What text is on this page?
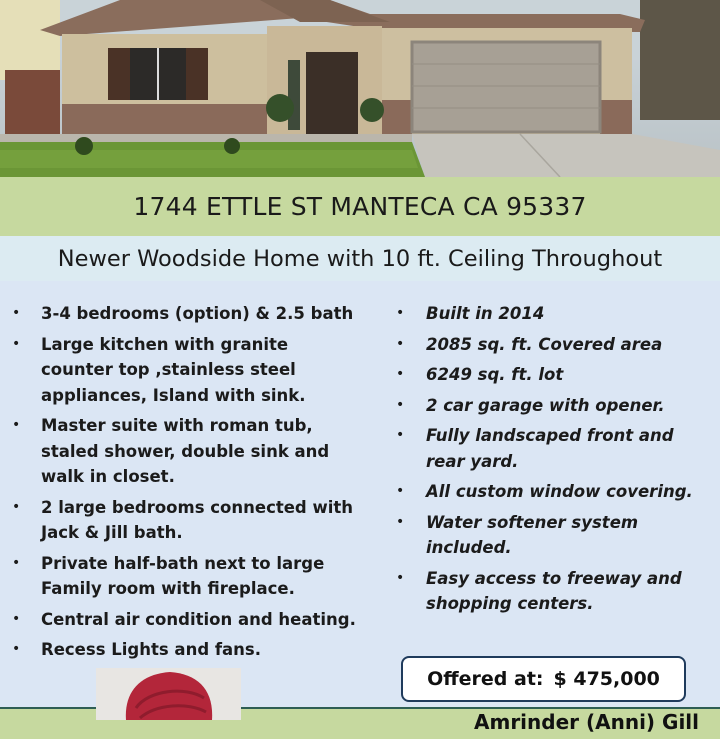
1744 ETTLE ST MANTECA CA 95337
Newer Woodside Home with 10 ft. Ceiling Throughout
• 3-4 bedrooms (option) & 2.5 bath
• Large kitchen with granite counter top ,stainless steel appliances, Island with sink.
• Master suite with roman tub, staled shower, double sink and walk in closet.
• 2 large bedrooms connected with Jack & Jill bath.
• Private half-bath next to large Family room with fireplace.
• Central air condition and heating.
• Recess Lights and fans.
• Built in 2014
• 2085 sq. ft. Covered area
• 6249 sq. ft. lot
• 2 car garage with opener.
• Fully landscaped front and rear yard.
• All custom window covering.
• Water softener system included.
• Easy access to freeway and shopping centers.
Offered at: $ 475,000
Amrinder (Anni) Gill
